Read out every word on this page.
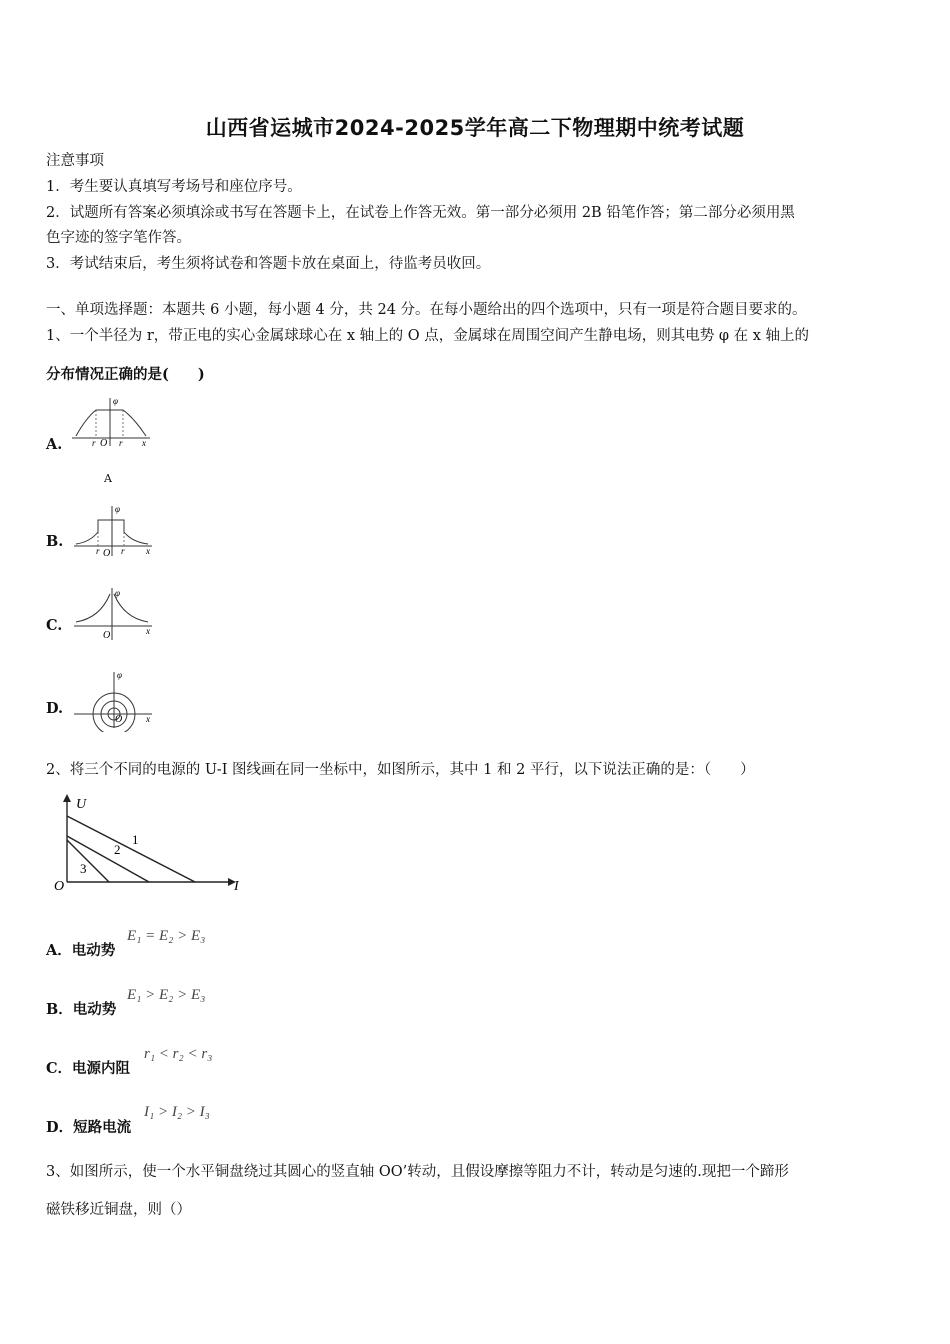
山西省运城市2024-2025学年高二下物理期中统考试题
注意事项
1．考生要认真填写考场号和座位序号。
2．试题所有答案必须填涂或书写在答题卡上，在试卷上作答无效。第一部分必须用 2B 铅笔作答；第二部分必须用黑
色字迹的签字笔作答。
3．考试结束后，考生须将试卷和答题卡放在桌面上，待监考员收回。
一、单项选择题：本题共 6 小题，每小题 4 分，共 24 分。在每小题给出的四个选项中，只有一项是符合题目要求的。
1、一个半径为 r，带正电的实心金属球球心在 x 轴上的 O 点，金属球在周围空间产生静电场，则其电势 φ 在 x 轴上的
分布情况正确的是(　　)
A.
φ
r O r x
A
B.
φ
r O r x
C.
φ
O	x
D.
φ
O	x
2、将三个不同的电源的 U-I 图线画在同一坐标中，如图所示，其中 1 和 2 平行，以下说法正确的是：（　　）
U
O	I
1
2
3
A．电动势
E₁ = E₂ > E₃
B．电动势
E₁ > E₂ > E₃
C．电源内阻
r₁ < r₂ < r₃
D．短路电流
I₁ > I₂ > I₃
3、如图所示，使一个水平铜盘绕过其圆心的竖直轴 OO’转动，且假设摩擦等阻力不计，转动是匀速的.现把一个蹄形
磁铁移近铜盘，则（）
